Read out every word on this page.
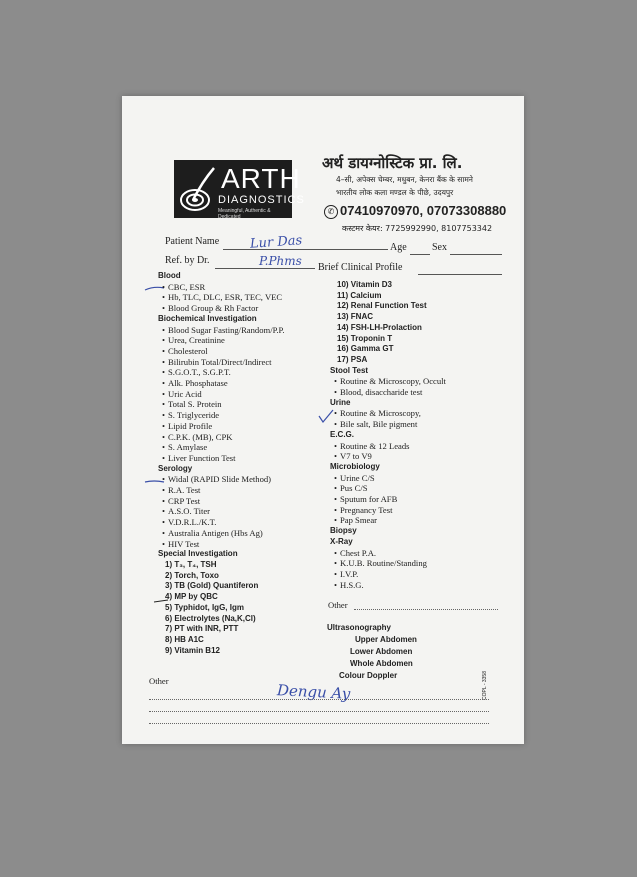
ARTH
DIAGNOSTICS
Meaningful, Authentic & Dedicated
अर्थ डायग्नोस्टिक प्रा. लि.
4–सी, अपेक्स चेम्बर, मधुबन, केनरा बैंक के सामने
भारतीय लोक कला मण्डल के पीछे, उदयपुर
✆ 07410970970, 07073308880
कस्टमर केयर: 7725992990, 8107753342
Patient Name
Age	Sex
Ref. by Dr.
Brief Clinical Profile
Lur Das
P.Phms
Dengu Ay
Blood
• CBC, ESR
• Hb, TLC, DLC, ESR, TEC, VEC
• Blood Group & Rh Factor
Biochemical Investigation
• Blood Sugar Fasting/Random/P.P.
• Urea, Creatinine
• Cholesterol
• Bilirubin Total/Direct/Indirect
• S.G.O.T., S.G.P.T.
• Alk. Phosphatase
• Uric Acid
• Total S. Protein
• S. Triglyceride
• Lipid Profile
• C.P.K. (MB), CPK
• S. Amylase
• Liver Function Test
Serology
• Widal (RAPID Slide Method)
• R.A. Test
• CRP Test
• A.S.O. Titer
• V.D.R.L./K.T.
• Australia Antigen (Hbs Ag)
• HIV Test
Special Investigation
1) T₃, T₄, TSH
2) Torch, Toxo
3) TB (Gold) Quantiferon
4) MP by QBC
5) Typhidot, IgG, Igm
6) Electrolytes (Na,K,Cl)
7) PT with INR, PTT
8) HB A1C
9) Vitamin B12
10) Vitamin D3
11) Calcium
12) Renal Function Test
13) FNAC
14) FSH-LH-Prolaction
15) Troponin T
16) Gamma GT
17) PSA
Stool Test
• Routine & Microscopy, Occult
• Blood, disaccharide test
Urine
• Routine & Microscopy,
• Bile salt, Bile pigment
E.C.G.
• Routine & 12 Leads
• V7 to V9
Microbiology
• Urine C/S
• Pus C/S
• Sputum for AFB
• Pregnancy Test
• Pap Smear
Biopsy
X-Ray
• Chest P.A.
• K.U.B. Routine/Standing
• I.V.P.
• H.S.G.
Other
Ultrasonography
Upper Abdomen
Lower Abdomen
Whole Abdomen
Colour Doppler	COPL - 3358
Other
